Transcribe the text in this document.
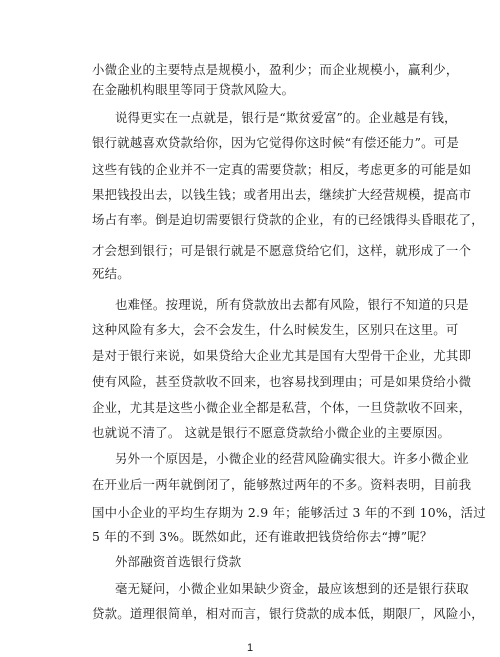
小微企业的主要特点是规模小，盈利少；而企业规模小，赢利少，
在金融机构眼里等同于贷款风险大。
说得更实在一点就是，银行是“欺贫爱富”的。企业越是有钱，
银行就越喜欢贷款给你，因为它觉得你这时候“有偿还能力”。可是
这些有钱的企业并不一定真的需要贷款；相反，考虑更多的可能是如
果把钱投出去，以钱生钱；或者用出去，继续扩大经营规模，提高市
场占有率。倒是迫切需要银行贷款的企业，有的已经饿得头昏眼花了，
才会想到银行；可是银行就是不愿意贷给它们，这样，就形成了一个
死结。
也难怪。按理说，所有贷款放出去都有风险，银行不知道的只是
这种风险有多大，会不会发生，什么时候发生，区别只在这里。可
是对于银行来说，如果贷给大企业尤其是国有大型骨干企业，尤其即
使有风险，甚至贷款收不回来，也容易找到理由；可是如果贷给小微
企业，尤其是这些小微企业全都是私营，个体，一旦贷款收不回来，
也就说不清了。 这就是银行不愿意贷款给小微企业的主要原因。
另外一个原因是，小微企业的经营风险确实很大。许多小微企业
在开业后一两年就倒闭了，能够熬过两年的不多。资料表明，目前我
国中小企业的平均生存期为 2.9 年；能够活过 3 年的不到 10%，活过
5 年的不到 3%。既然如此，还有谁敢把钱贷给你去“搏”呢？
外部融资首选银行贷款
毫无疑问，小微企业如果缺少资金，最应该想到的还是银行获取
贷款。道理很简单，相对而言，银行贷款的成本低，期限厂，风险小，
1
